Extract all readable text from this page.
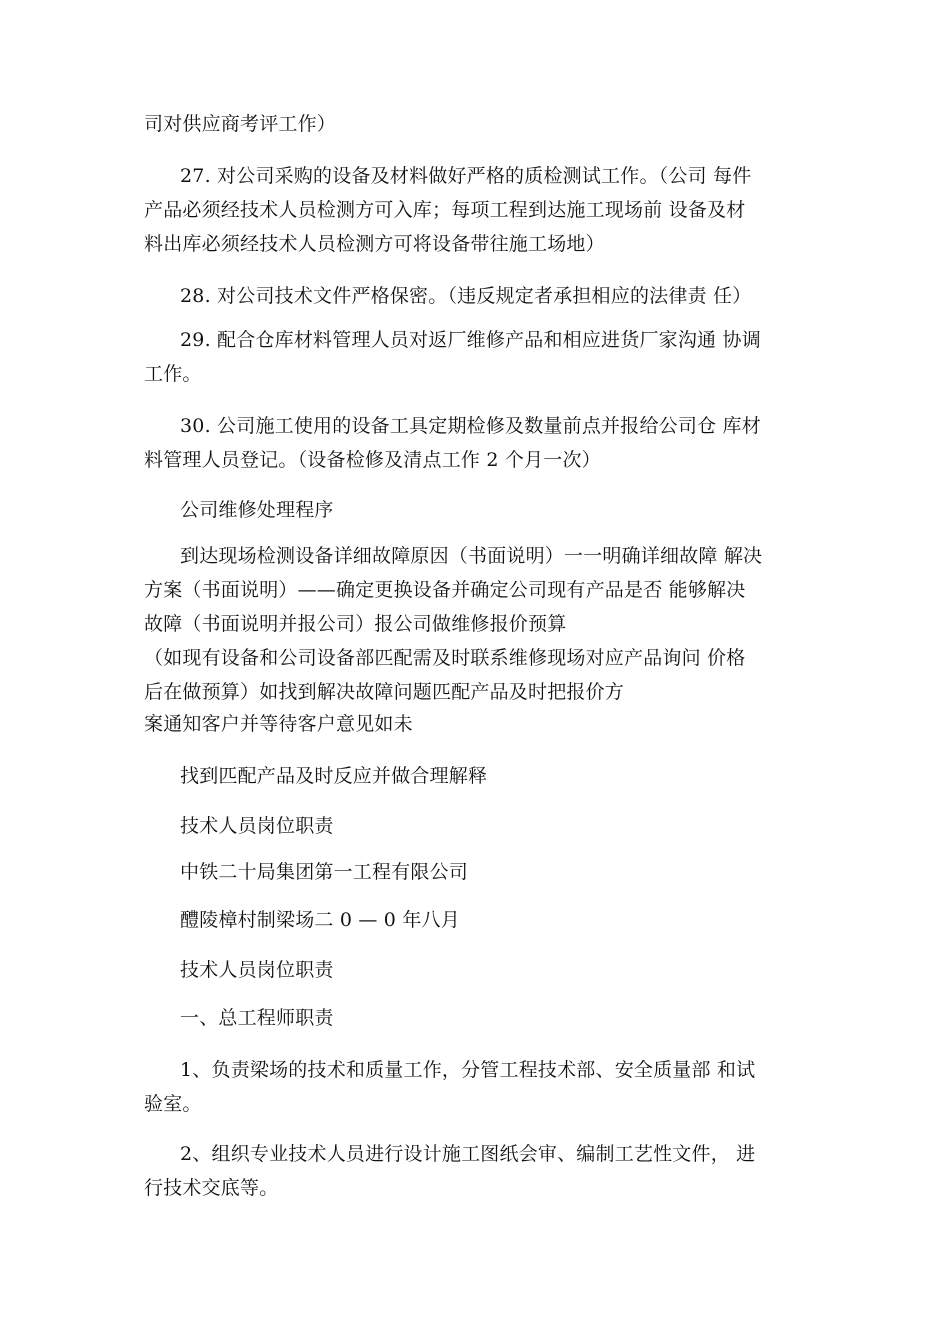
司对供应商考评工作）
27. 对公司采购的设备及材料做好严格的质检测试工作。（公司 每件
产品必须经技术人员检测方可入库；每项工程到达施工现场前 设备及材
料出库必须经技术人员检测方可将设备带往施工场地）
28. 对公司技术文件严格保密。（违反规定者承担相应的法律责 任）
29. 配合仓库材料管理人员对返厂维修产品和相应进货厂家沟通 协调
工作。
30. 公司施工使用的设备工具定期检修及数量前点并报给公司仓 库材
料管理人员登记。（设备检修及清点工作 2 个月一次）
公司维修处理程序
到达现场检测设备详细故障原因（书面说明）一一明确详细故障 解决
方案（书面说明）——确定更换设备并确定公司现有产品是否 能够解决
故障（书面说明并报公司）报公司做维修报价预算
（如现有设备和公司设备部匹配需及时联系维修现场对应产品询问 价格
后在做预算）如找到解决故障问题匹配产品及时把报价方
案通知客户并等待客户意见如未
找到匹配产品及时反应并做合理解释
技术人员岗位职责
中铁二十局集团第一工程有限公司
醴陵樟村制梁场二 0 — 0 年八月
技术人员岗位职责
一、总工程师职责
1、负责梁场的技术和质量工作，分管工程技术部、安全质量部 和试
验室。
2、组织专业技术人员进行设计施工图纸会审、编制工艺性文件， 进
行技术交底等。
